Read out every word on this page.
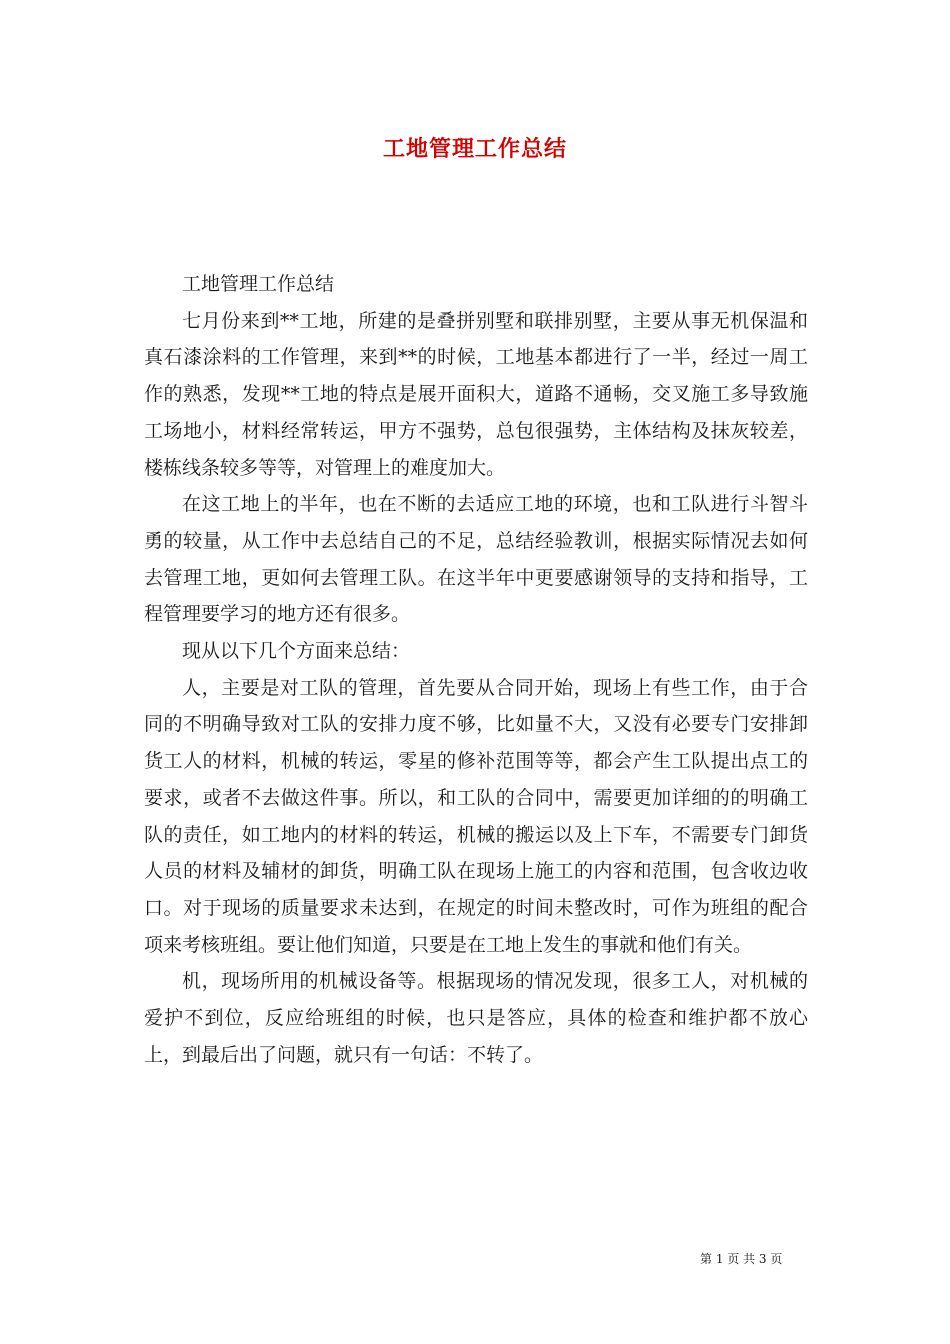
工地管理工作总结

工地管理工作总结

七月份来到**工地，所建的是叠拼别墅和联排别墅，主要从事无机保温和真石漆涂料的工作管理，来到**的时候，工地基本都进行了一半，经过一周工作的熟悉，发现**工地的特点是展开面积大，道路不通畅，交叉施工多导致施工场地小，材料经常转运，甲方不强势，总包很强势，主体结构及抹灰较差，楼栋线条较多等等，对管理上的难度加大。

在这工地上的半年，也在不断的去适应工地的环境，也和工队进行斗智斗勇的较量，从工作中去总结自己的不足，总结经验教训，根据实际情况去如何去管理工地，更如何去管理工队。在这半年中更要感谢领导的支持和指导，工程管理要学习的地方还有很多。

现从以下几个方面来总结：

人，主要是对工队的管理，首先要从合同开始，现场上有些工作，由于合同的不明确导致对工队的安排力度不够，比如量不大，又没有必要专门安排卸货工人的材料，机械的转运，零星的修补范围等等，都会产生工队提出点工的要求，或者不去做这件事。所以，和工队的合同中，需要更加详细的的明确工队的责任，如工地内的材料的转运，机械的搬运以及上下车，不需要专门卸货人员的材料及辅材的卸货，明确工队在现场上施工的内容和范围，包含收边收口。对于现场的质量要求未达到，在规定的时间未整改时，可作为班组的配合项来考核班组。要让他们知道，只要是在工地上发生的事就和他们有关。

机，现场所用的机械设备等。根据现场的情况发现，很多工人，对机械的爱护不到位，反应给班组的时候，也只是答应，具体的检查和维护都不放心上，到最后出了问题，就只有一句话：不转了。

第 1 页 共 3 页
